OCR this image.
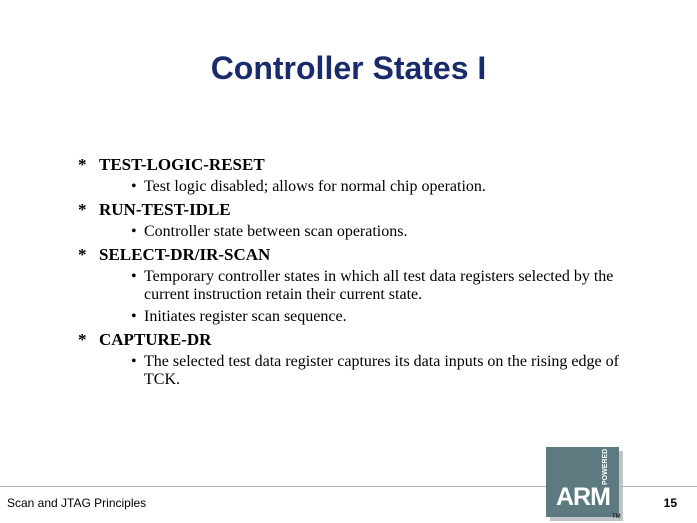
Controller States I
* TEST-LOGIC-RESET
• Test logic disabled; allows for normal chip operation.
* RUN-TEST-IDLE
• Controller state between scan operations.
* SELECT-DR/IR-SCAN
• Temporary controller states in which all test data registers selected by the current instruction retain their current state.
• Initiates register scan sequence.
* CAPTURE-DR
• The selected test data register captures its data inputs on the rising edge of TCK.
Scan and JTAG Principles	15
POWERED
ARM
TM
